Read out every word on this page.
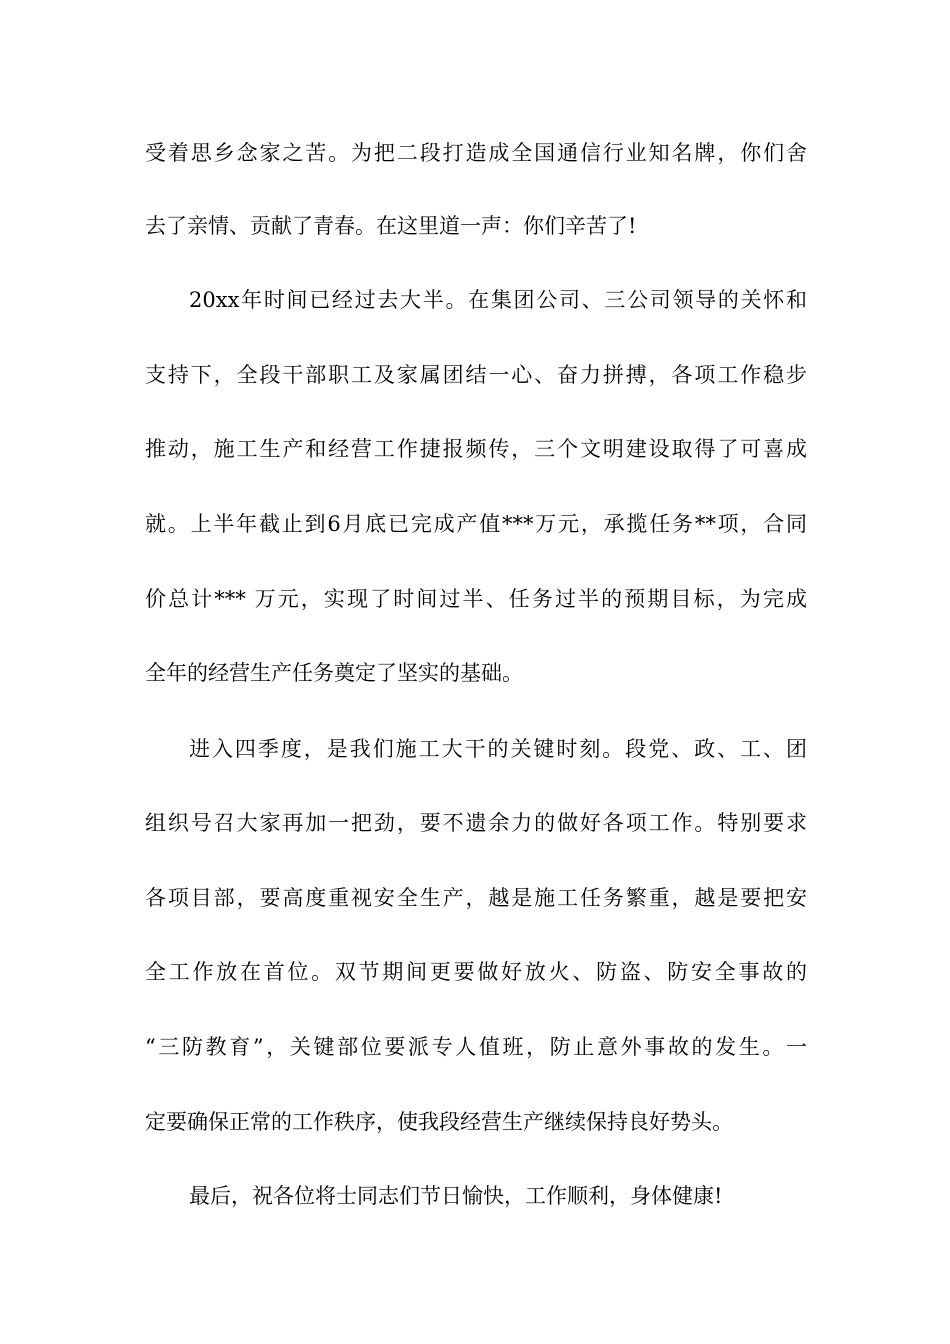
受着思乡念家之苦。为把二段打造成全国通信行业知名牌，你们舍
去了亲情、贡献了青春。在这里道一声：你们辛苦了!
20xx年时间已经过去大半。在集团公司、三公司领导的关怀和
支持下，全段干部职工及家属团结一心、奋力拼搏，各项工作稳步
推动，施工生产和经营工作捷报频传，三个文明建设取得了可喜成
就。上半年截止到6月底已完成产值***万元，承揽任务**项，合同
价总计*** 万元，实现了时间过半、任务过半的预期目标，为完成
全年的经营生产任务奠定了坚实的基础。
进入四季度，是我们施工大干的关键时刻。段党、政、工、团
组织号召大家再加一把劲，要不遗余力的做好各项工作。特别要求
各项目部，要高度重视安全生产，越是施工任务繁重，越是要把安
全工作放在首位。双节期间更要做好放火、防盗、防安全事故的
“三防教育”，关键部位要派专人值班，防止意外事故的发生。一
定要确保正常的工作秩序，使我段经营生产继续保持良好势头。
最后，祝各位将士同志们节日愉快，工作顺利，身体健康!
